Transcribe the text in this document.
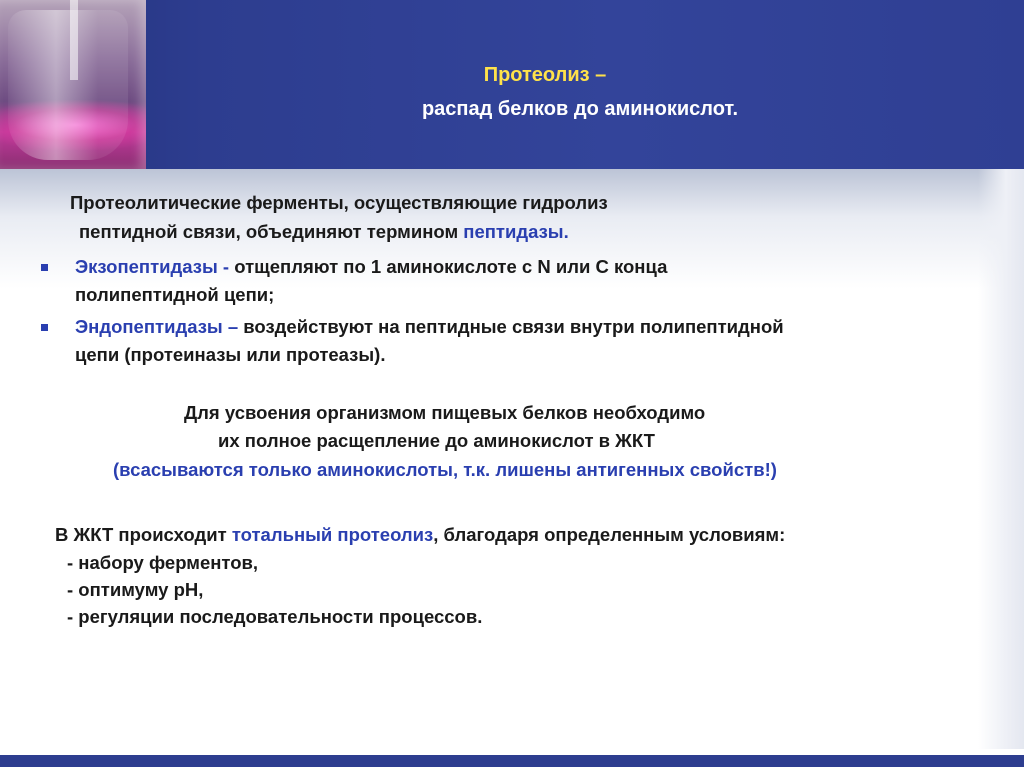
Протеолиз –
распад белков до аминокислот.
Протеолитические ферменты, осуществляющие гидролиз
пептидной связи, объединяют термином пептидазы.
Экзопептидазы - отщепляют по 1 аминокислоте с N или С конца
полипептидной цепи;
Эндопептидазы – воздействуют на пептидные связи внутри полипептидной
цепи (протеиназы или протеазы).
Для усвоения организмом пищевых белков необходимо
их полное расщепление до аминокислот в ЖКТ
(всасываются только аминокислоты, т.к. лишены антигенных свойств!)
В ЖКТ происходит тотальный протеолиз, благодаря определенным условиям:
- набору ферментов,
- оптимуму рН,
- регуляции последовательности процессов.
